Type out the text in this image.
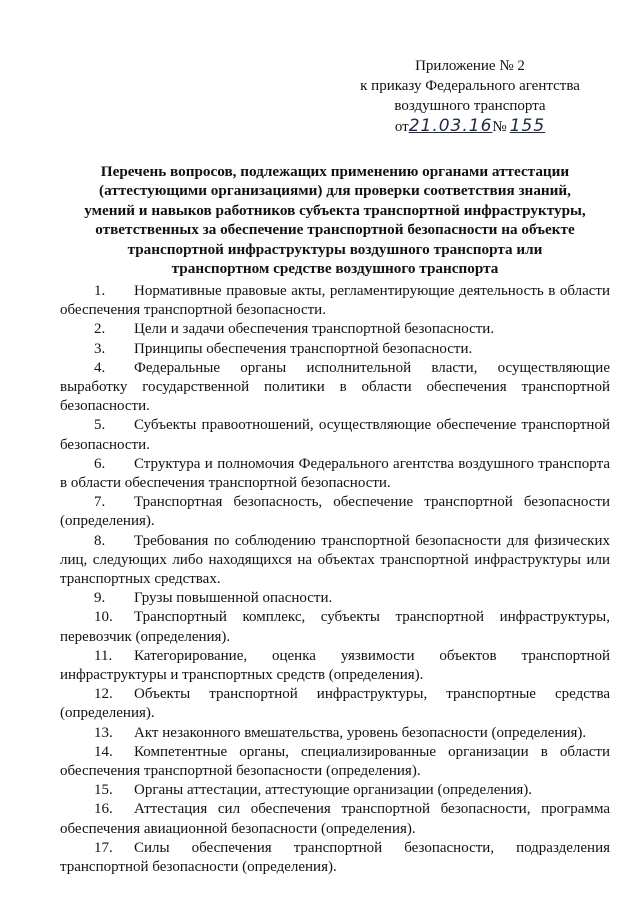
Приложение № 2
к приказу Федерального агентства
воздушного транспорта
от21.03.16№  155
Перечень вопросов, подлежащих применению органами аттестации
(аттестующими организациями) для проверки соответствия знаний,
умений и навыков работников субъекта транспортной инфраструктуры,
ответственных за обеспечение транспортной безопасности на объекте
транспортной инфраструктуры воздушного транспорта или
транспортном средстве воздушного транспорта

1. Нормативные правовые акты, регламентирующие деятельность в области обеспечения транспортной безопасности.

2. Цели и задачи обеспечения транспортной безопасности.

3. Принципы обеспечения транспортной безопасности.

4. Федеральные органы исполнительной власти, осуществляющие выработку государственной политики в области обеспечения транспортной безопасности.

5. Субъекты правоотношений, осуществляющие обеспечение транспортной безопасности.

6. Структура и полномочия Федерального агентства воздушного транспорта в области обеспечения транспортной безопасности.

7. Транспортная безопасность, обеспечение транспортной безопасности (определения).

8. Требования по соблюдению транспортной безопасности для физических лиц, следующих либо находящихся на объектах транспортной инфраструктуры или транспортных средствах.

9. Грузы повышенной опасности.

10. Транспортный комплекс, субъекты транспортной инфраструктуры, перевозчик (определения).

11. Категорирование, оценка уязвимости объектов транспортной инфраструктуры и транспортных средств (определения).

12. Объекты транспортной инфраструктуры, транспортные средства (определения).

13. Акт незаконного вмешательства, уровень безопасности (определения).

14. Компетентные органы, специализированные организации в области обеспечения транспортной безопасности (определения).

15. Органы аттестации, аттестующие организации (определения).

16. Аттестация сил обеспечения транспортной безопасности, программа обеспечения авиационной безопасности (определения).

17. Силы обеспечения транспортной безопасности, подразделения транспортной безопасности (определения).
